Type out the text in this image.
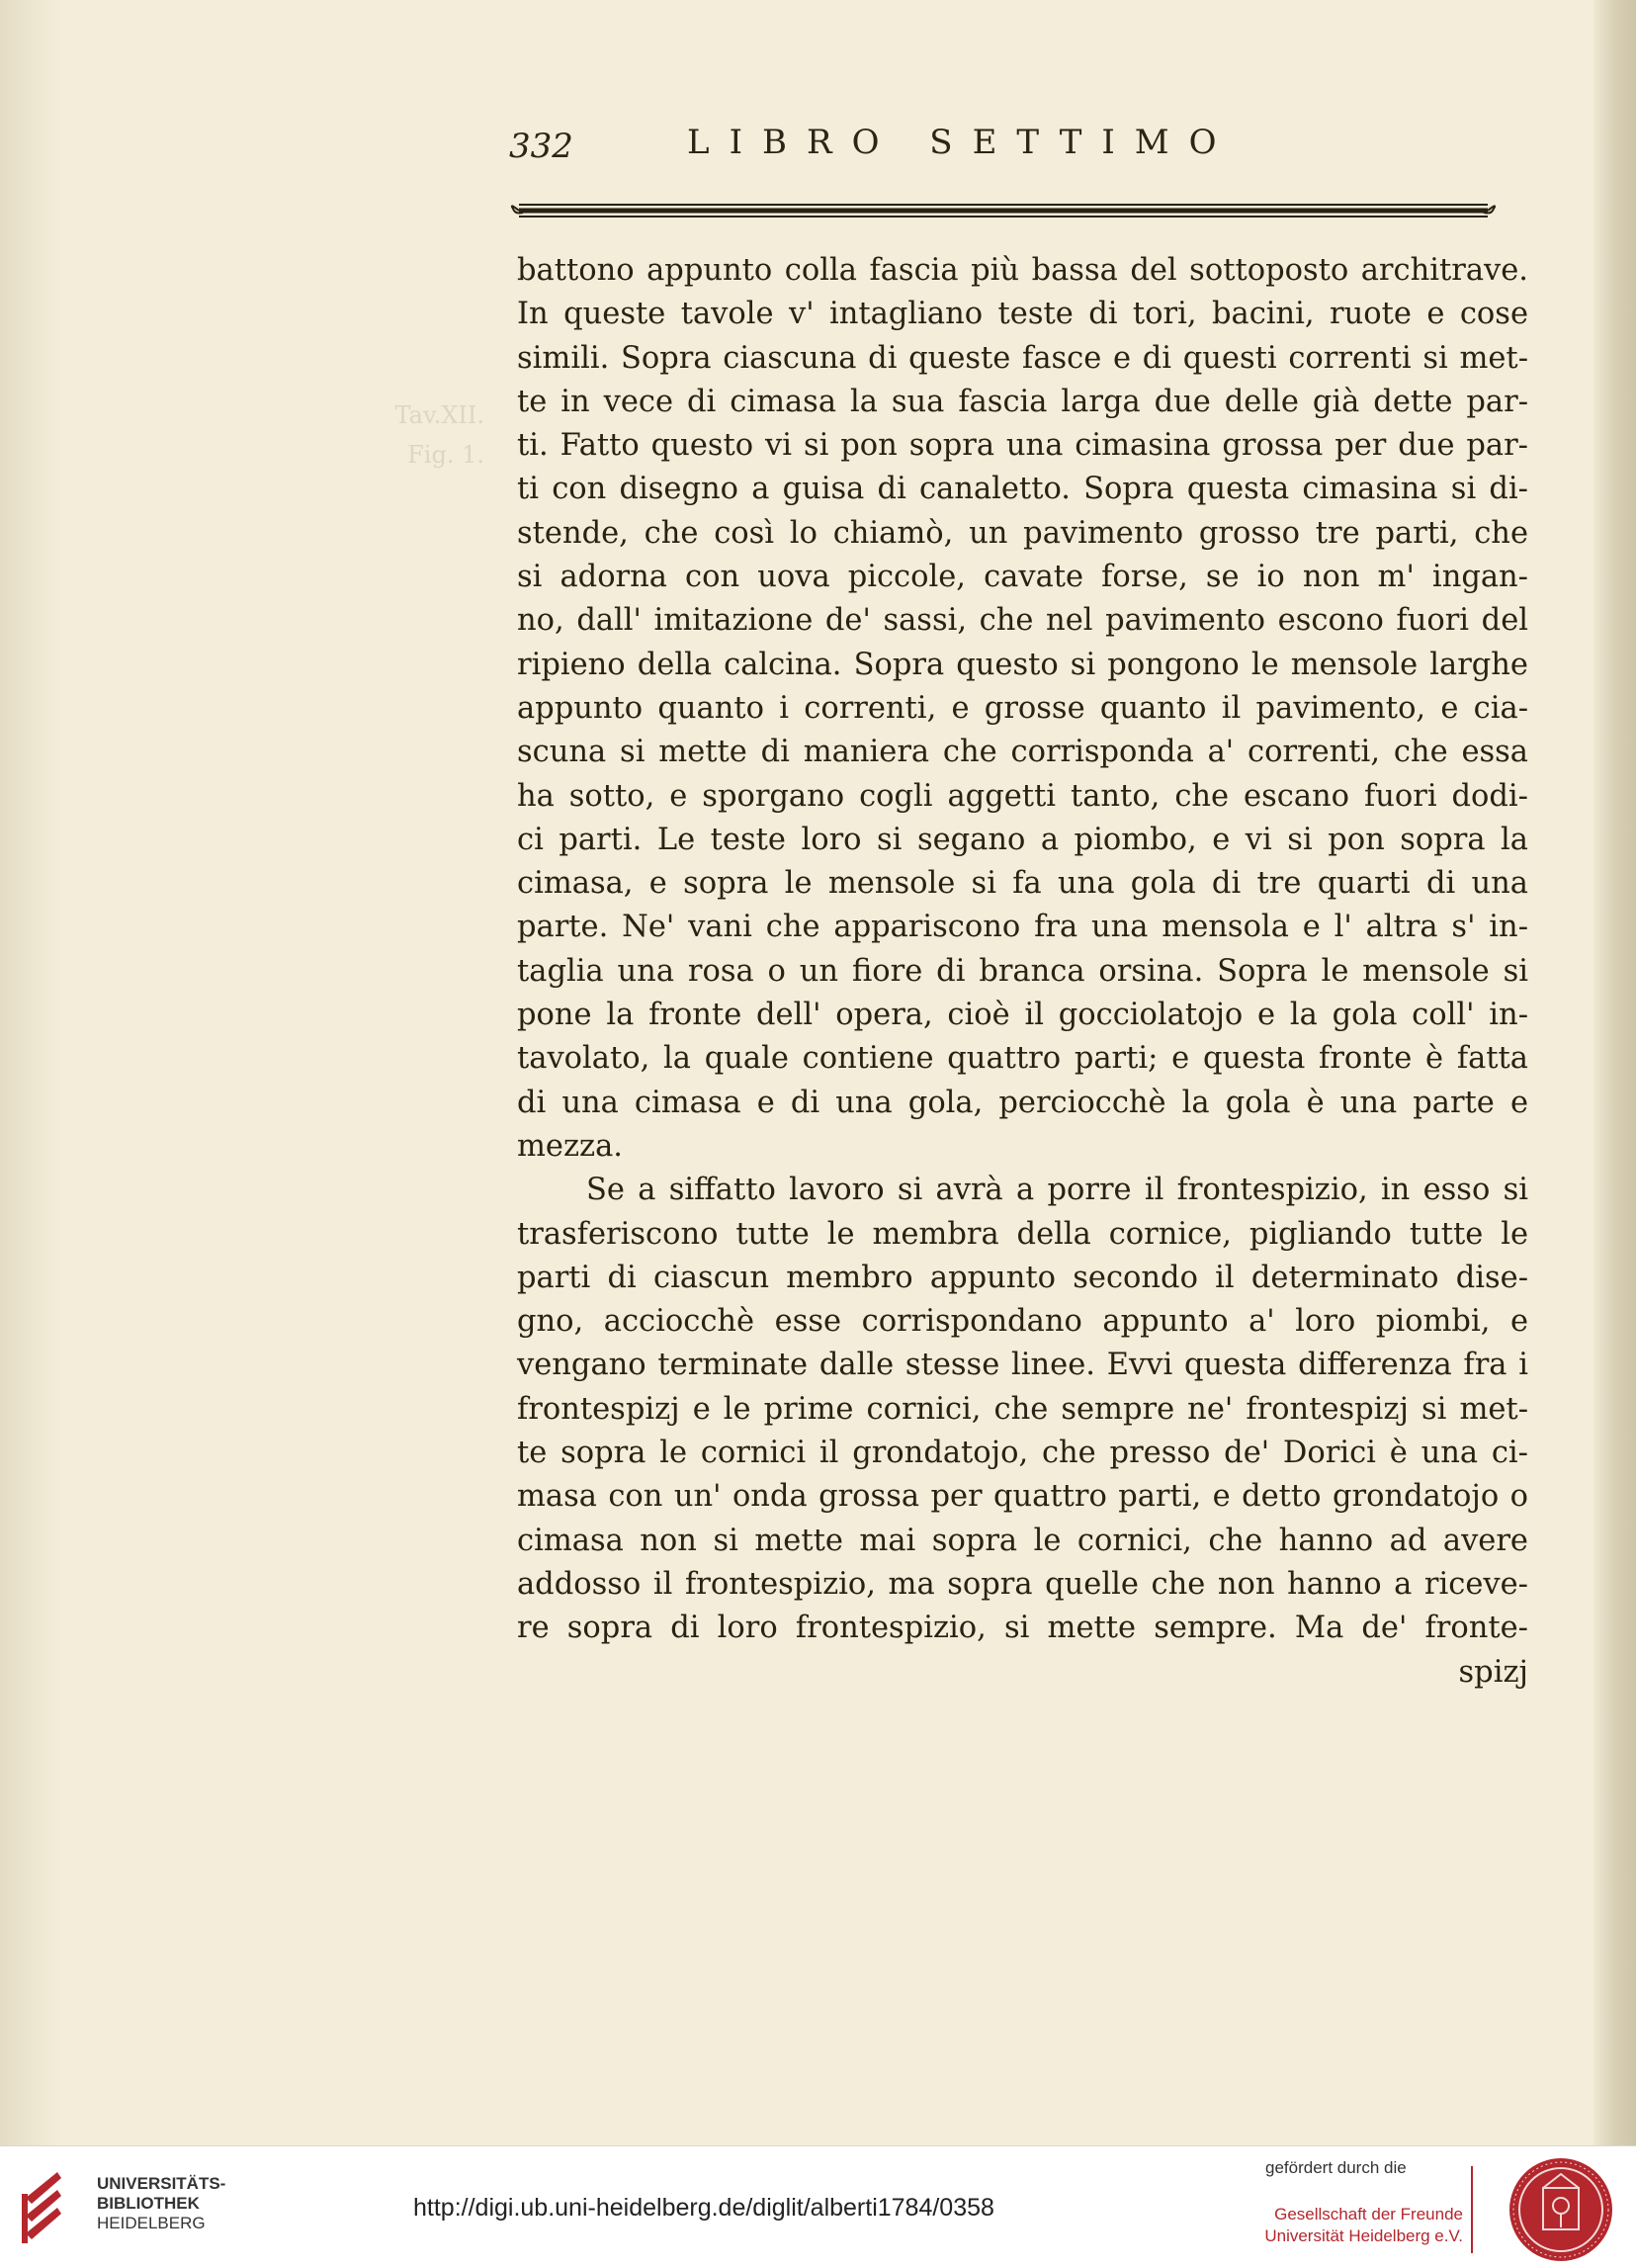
Tav.XII.
Fig. 1.
332	LIBRO SETTIMO
battono appunto colla fascia più bassa del sottoposto architrave.
In queste tavole v' intagliano teste di tori, bacini, ruote e cose
simili. Sopra ciascuna di queste fasce e di questi correnti si met-
te in vece di cimasa la sua fascia larga due delle già dette par-
ti. Fatto questo vi si pon sopra una cimasina grossa per due par-
ti con disegno a guisa di canaletto. Sopra questa cimasina si di-
stende, che così lo chiamò, un pavimento grosso tre parti, che
si adorna con uova piccole, cavate forse, se io non m' ingan-
no, dall' imitazione de' sassi, che nel pavimento escono fuori del
ripieno della calcina. Sopra questo si pongono le mensole larghe
appunto quanto i correnti, e grosse quanto il pavimento, e cia-
scuna si mette di maniera che corrisponda a' correnti, che essa
ha sotto, e sporgano cogli aggetti tanto, che escano fuori dodi-
ci parti. Le teste loro si segano a piombo, e vi si pon sopra la
cimasa, e sopra le mensole si fa una gola di tre quarti di una
parte. Ne' vani che appariscono fra una mensola e l' altra s' in-
taglia una rosa o un fiore di branca orsina. Sopra le mensole si
pone la fronte dell' opera, cioè il gocciolatojo e la gola coll' in-
tavolato, la quale contiene quattro parti; e questa fronte è fatta
di una cimasa e di una gola, perciocchè la gola è una parte e
mezza.
Se a siffatto lavoro si avrà a porre il frontespizio, in esso si
trasferiscono tutte le membra della cornice, pigliando tutte le
parti di ciascun membro appunto secondo il determinato dise-
gno, acciocchè esse corrispondano appunto a' loro piombi, e
vengano terminate dalle stesse linee. Evvi questa differenza fra i
frontespizj e le prime cornici, che sempre ne' frontespizj si met-
te sopra le cornici il grondatojo, che presso de' Dorici è una ci-
masa con un' onda grossa per quattro parti, e detto grondatojo o
cimasa non si mette mai sopra le cornici, che hanno ad avere
addosso il frontespizio, ma sopra quelle che non hanno a riceve-
re sopra di loro frontespizio, si mette sempre. Ma de' fronte-
spizj
UNIVERSITÄTS-
BIBLIOTHEK
HEIDELBERG
http://digi.ub.uni-heidelberg.de/diglit/alberti1784/0358
gefördert durch die
Gesellschaft der Freunde
Universität Heidelberg e.V.
